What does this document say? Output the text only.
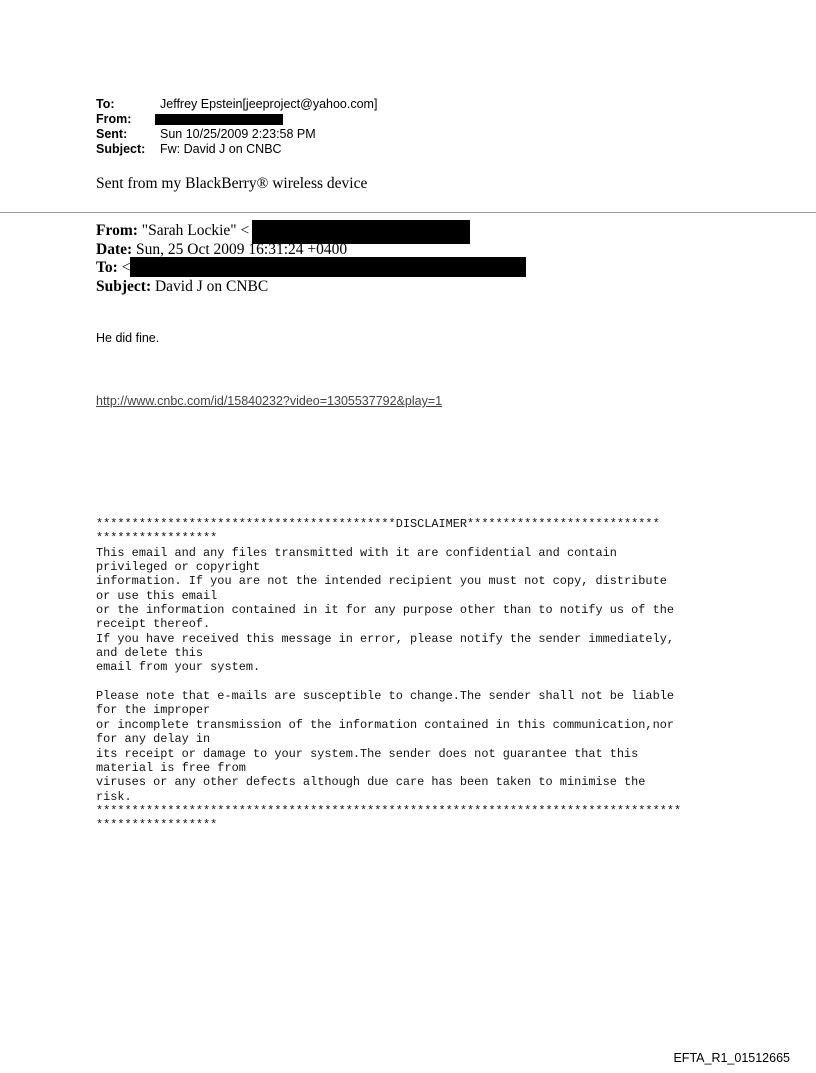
To:	Jeffrey Epstein[jeeproject@yahoo.com]
From:
Sent:	Sun 10/25/2009 2:23:58 PM
Subject:	Fw: David J on CNBC
Sent from my BlackBerry® wireless device
From: "Sarah Lockie" <
Date: Sun, 25 Oct 2009 16:31:24 +0400
To: <
Subject: David J on CNBC
He did fine.
http://www.cnbc.com/id/15840232?video=1305537792&play=1
******************************************DISCLAIMER***************************
*****************
This email and any files transmitted with it are confidential and contain
privileged or copyright
information. If you are not the intended recipient you must not copy, distribute
or use this email
or the information contained in it for any purpose other than to notify us of the
receipt thereof.
If you have received this message in error, please notify the sender immediately,
and delete this
email from your system.

Please note that e-mails are susceptible to change.The sender shall not be liable
for the improper
or incomplete transmission of the information contained in this communication,nor
for any delay in
its receipt or damage to your system.The sender does not guarantee that this
material is free from
viruses or any other defects although due care has been taken to minimise the
risk.
**********************************************************************************
*****************
EFTA_R1_01512665
